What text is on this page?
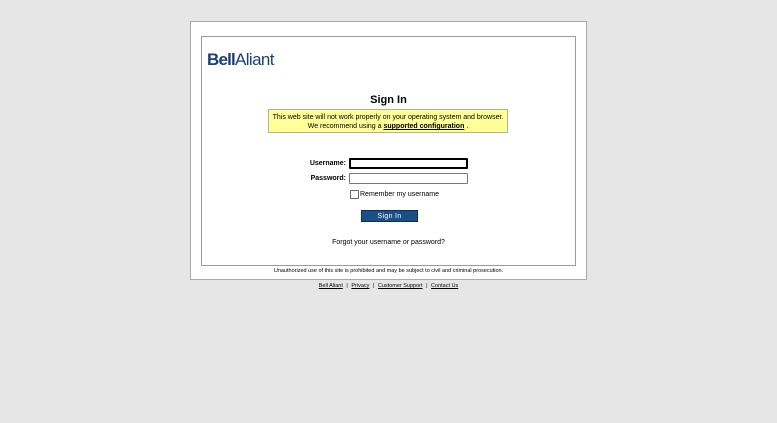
BellAliant
Sign In
This web site will not work properly on your operating system and browser.
We recommend using a supported configuration .
Username:
Password:
Remember my username
Sign In
Forgot your username or password?
Unauthorized use of this site is prohibited and may be subject to civil and criminal prosecution.
Bell Aliant | Privacy | Customer Support | Contact Us
